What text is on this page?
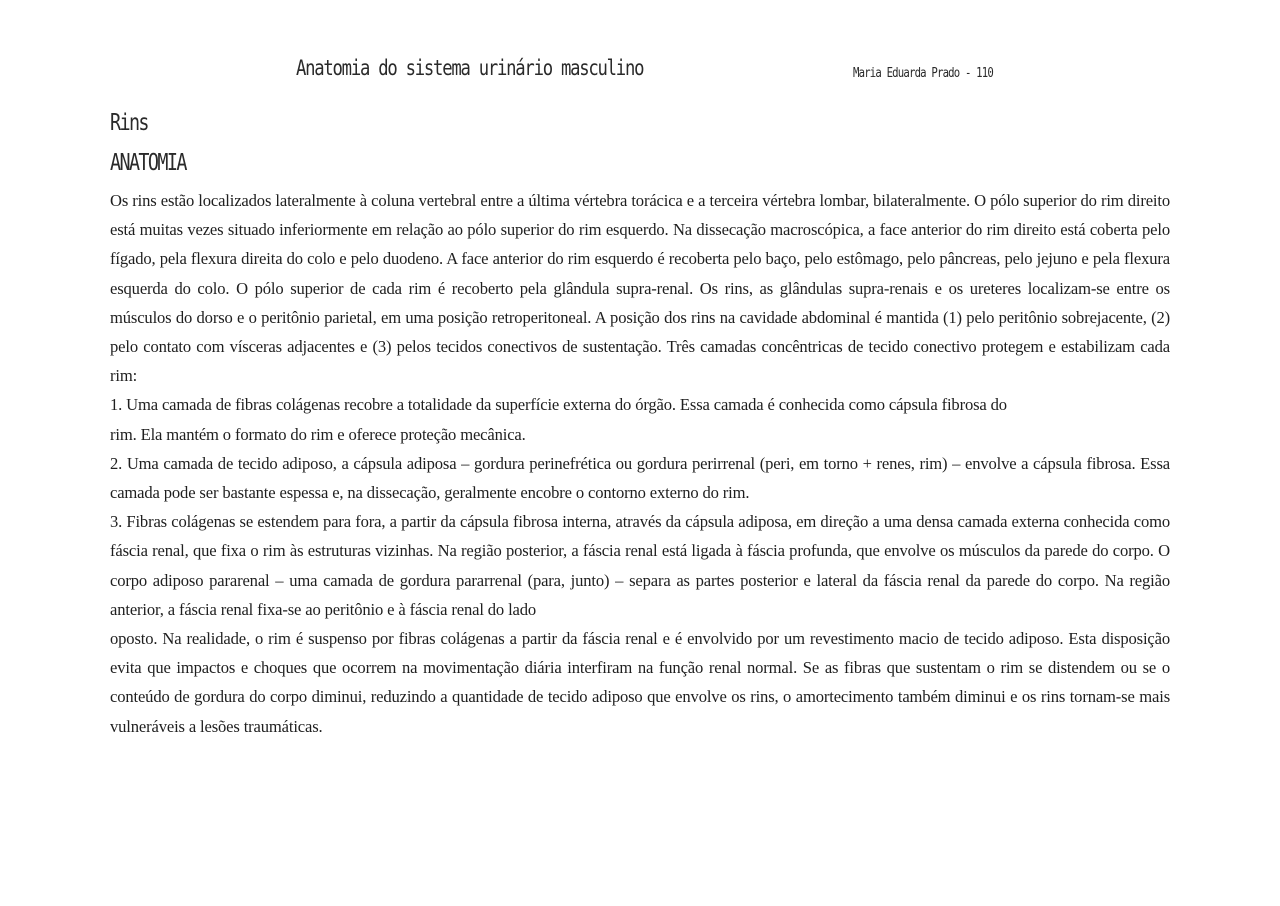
Anatomia do sistema urinário masculino	Maria Eduarda Prado - 110
Rins
ANATOMIA

Os rins estão localizados lateralmente à coluna vertebral entre a última vértebra torácica e a terceira vértebra lombar, bilateralmente. O pólo superior do rim direito está muitas vezes situado inferiormente em relação ao pólo superior do rim esquerdo. Na dissecação macroscópica, a face anterior do rim direito está coberta pelo fígado, pela flexura direita do colo e pelo duodeno. A face anterior do rim esquerdo é recoberta pelo baço, pelo estômago, pelo pâncreas, pelo jejuno e pela flexura esquerda do colo. O pólo superior de cada rim é recoberto pela glândula supra-renal. Os rins, as glândulas supra-renais e os ureteres localizam-se entre os músculos do dorso e o peritônio parietal, em uma posição retroperitoneal. A posição dos rins na cavidade abdominal é mantida (1) pelo peritônio sobrejacente, (2) pelo contato com vísceras adjacentes e (3) pelos tecidos conectivos de sustentação. Três camadas concêntricas de tecido conectivo protegem e estabilizam cada rim:

1. Uma camada de fibras colágenas recobre a totalidade da superfície externa do órgão. Essa camada é conhecida como cápsula fibrosa do

rim. Ela mantém o formato do rim e oferece proteção mecânica.

2. Uma camada de tecido adiposo, a cápsula adiposa – gordura perinefrética ou gordura perirrenal (peri, em torno + renes, rim) – envolve a cápsula fibrosa. Essa camada pode ser bastante espessa e, na dissecação, geralmente encobre o contorno externo do rim.

3. Fibras colágenas se estendem para fora, a partir da cápsula fibrosa interna, através da cápsula adiposa, em direção a uma densa camada externa conhecida como fáscia renal, que fixa o rim às estruturas vizinhas. Na região posterior, a fáscia renal está ligada à fáscia profunda, que envolve os músculos da parede do corpo. O corpo adiposo pararenal – uma camada de gordura pararrenal (para, junto) – separa as partes posterior e lateral da fáscia renal da parede do corpo. Na região anterior, a fáscia renal fixa-se ao peritônio e à fáscia renal do lado

oposto. Na realidade, o rim é suspenso por fibras colágenas a partir da fáscia renal e é envolvido por um revestimento macio de tecido adiposo. Esta disposição evita que impactos e choques que ocorrem na movimentação diária interfiram na função renal normal. Se as fibras que sustentam o rim se distendem ou se o conteúdo de gordura do corpo diminui, reduzindo a quantidade de tecido adiposo que envolve os rins, o amortecimento também diminui e os rins tornam-se mais vulneráveis a lesões traumáticas.
